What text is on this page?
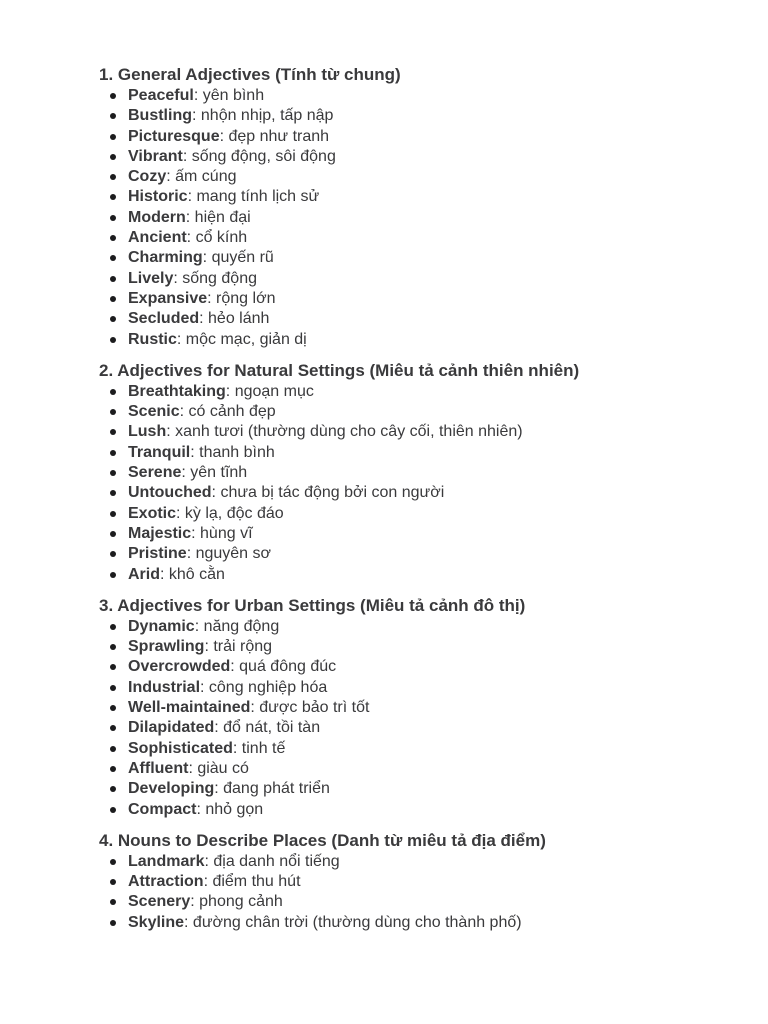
1. General Adjectives (Tính từ chung)
Peaceful: yên bình
Bustling: nhộn nhịp, tấp nập
Picturesque: đẹp như tranh
Vibrant: sống động, sôi động
Cozy: ấm cúng
Historic: mang tính lịch sử
Modern: hiện đại
Ancient: cổ kính
Charming: quyến rũ
Lively: sống động
Expansive: rộng lớn
Secluded: hẻo lánh
Rustic: mộc mạc, giản dị
2. Adjectives for Natural Settings (Miêu tả cảnh thiên nhiên)
Breathtaking: ngoạn mục
Scenic: có cảnh đẹp
Lush: xanh tươi (thường dùng cho cây cối, thiên nhiên)
Tranquil: thanh bình
Serene: yên tĩnh
Untouched: chưa bị tác động bởi con người
Exotic: kỳ lạ, độc đáo
Majestic: hùng vĩ
Pristine: nguyên sơ
Arid: khô cằn
3. Adjectives for Urban Settings (Miêu tả cảnh đô thị)
Dynamic: năng động
Sprawling: trải rộng
Overcrowded: quá đông đúc
Industrial: công nghiệp hóa
Well-maintained: được bảo trì tốt
Dilapidated: đổ nát, tồi tàn
Sophisticated: tinh tế
Affluent: giàu có
Developing: đang phát triển
Compact: nhỏ gọn
4. Nouns to Describe Places (Danh từ miêu tả địa điểm)
Landmark: địa danh nổi tiếng
Attraction: điểm thu hút
Scenery: phong cảnh
Skyline: đường chân trời (thường dùng cho thành phố)
